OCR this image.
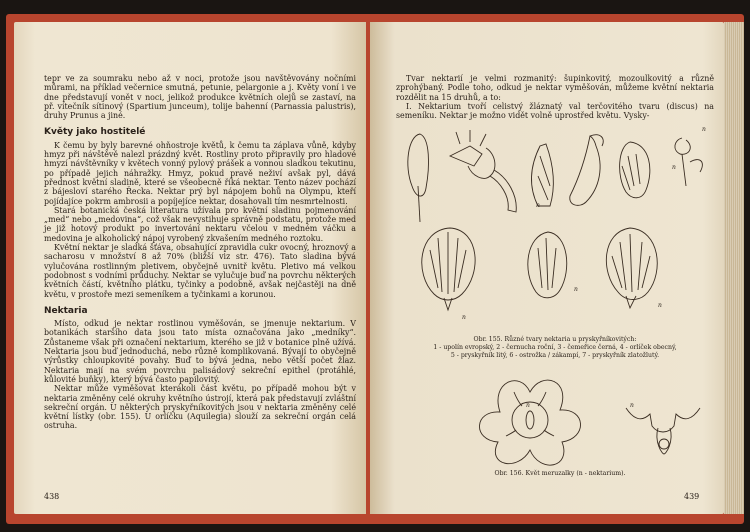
tepr ve za soumraku nebo až v noci, protože jsou navštěvovány nočními můrami, na příklad večernice smutná, petunie, pelargonie a j. Květy voní i ve dne představují vonět v noci, jelikož produkce květních olejů se zastaví, na př. vítečník sítinový (Spartium junceum), tolije bahenní (Parnassia palustris), druhy Prunus a jiné.

Květy jako hostitelé

K čemu by byly barevné ohňostroje květů, k čemu ta záplava vůně, kdyby hmyz při návštěvě nalezl prázdný květ. Rostliny proto připravily pro hladové hmyzí návštěvníky v květech vonný pylový prášek a vonnou sladkou tekutinu, po případě jejich náhražky. Hmyz, pokud pravě neživí avšak pyl, dává přednost květní sladině, které se všeobecně říká nektar. Tento název pochází z bájesloví starého Řecka. Nektar prý byl nápojem bohů na Olympu, kteří pojídajíce pokrm ambrosii a popíjejíce nektar, dosahovali tím nesmrtelnosti.

Stará botanická česká literatura užívala pro květní sladinu pojmenování „med“ nebo „medovina“, což však nevystihuje správně podstatu, protože med je již hotový produkt po invertování nektaru včelou v medném váčku a medovina je alkoholický nápoj vyrobený zkvašením medného roztoku.

Květní nektar je sladká šťáva, obsahující zpravidla cukr ovocný, hroznový a sacharosu v množství 8 až 70% (bližší viz str. 476). Tato sladina bývá vylučována rostlinným pletivem, obyčejně uvnitř květu. Pletivo má velkou podobnost s vodními průduchy. Nektar se vylučuje buď na povrchu některých květních částí, květního plátku, tyčinky a podobně, avšak nejčastěji na dně květu, v prostoře mezi semeníkem a tyčinkami a korunou.

Nektaria

Místo, odkud je nektar rostlinou vyměšován, se jmenuje nektarium. V botanikách staršího data jsou tato místa označována jako „medníky“. Zůstaneme však při označení nektarium, kterého se již v botanice plně užívá. Nektaria jsou buď jednoduchá, nebo různě komplikovaná. Bývají to obyčejně výrůstky chloupkovité povahy. Buď to bývá jedna, nebo větší počet žlaz. Nektaria mají na svém povrchu palisádový sekreční epithel (protáhlé, kůlovité buňky), který bývá často papilovitý.

Nektar může vyměšovat kterákoli část květu, po případě mohou být v nektaria změněny celé okruhy květního ústrojí, která pak představují zvláštní sekreční orgán. U některých pryskyřníkovitých jsou v nektaria změněny celé květní lístky (obr. 155). U orlíčku (Aquilegia) slouží za sekreční orgán celá ostruha.

438

Tvar nektarií je velmi rozmanitý: šupinkovitý, mozoulkovitý a různě zprohýbaný. Podle toho, odkud je nektar vyměšován, můžeme květní nektaria rozdělit na 15 druhů, a to:

I. Nektarium tvoří celistvý žláznatý val terčovitého tvaru (discus) na semeníku. Nektar je možno vidět volně uprostřed květu. Vysky-

n
n
n
n
n
n
Obr. 155. Různé tvary nektaria u pryskyřníkovitých:
1 - upolín evropský, 2 - černucha roční, 3 - čemeřice černá, 4 - orlíček obecný,
5 - pryskyřník litý, 6 - ostrožka / zákampí, 7 - pryskyřník zlatožlutý.
n	n
Obr. 156. Květ meruzalky (n - nektarium).
439
